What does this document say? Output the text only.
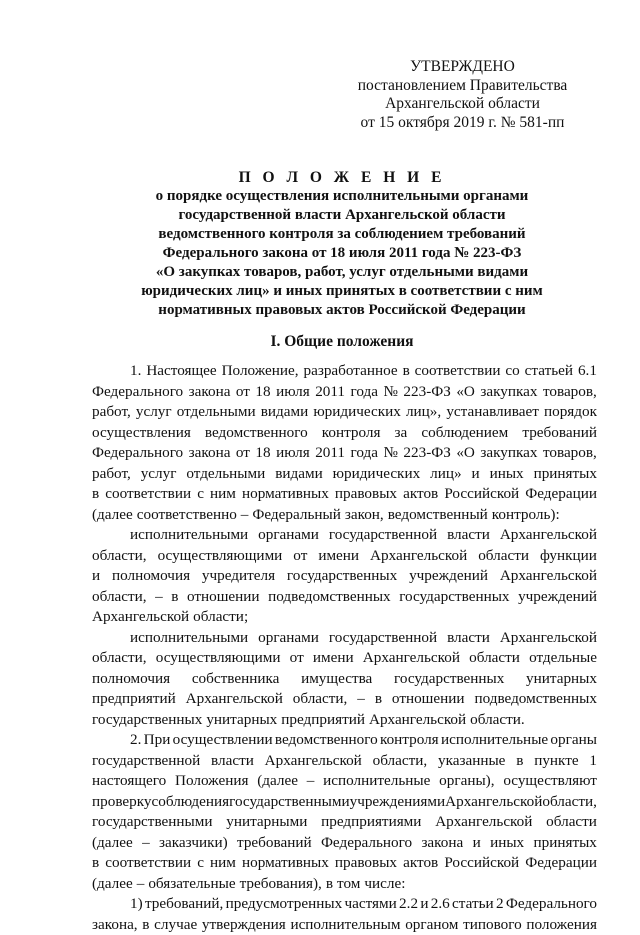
УТВЕРЖДЕНО
постановлением Правительства
Архангельской области
от 15 октября 2019 г. № 581-пп
П О Л О Ж Е Н И Е
о порядке осуществления исполнительными органами
государственной власти Архангельской области
ведомственного контроля за соблюдением требований
Федерального закона от 18 июля 2011 года № 223-ФЗ
«О закупках товаров, работ, услуг отдельными видами
юридических лиц» и иных принятых в соответствии с ним
нормативных правовых актов Российской Федерации
I. Общие положения
1. Настоящее Положение, разработанное в соответствии со статьей 6.1
Федерального закона от 18 июля 2011 года № 223-ФЗ «О закупках товаров,
работ, услуг отдельными видами юридических лиц», устанавливает порядок
осуществления ведомственного контроля за соблюдением требований
Федерального закона от 18 июля 2011 года № 223-ФЗ «О закупках товаров,
работ, услуг отдельными видами юридических лиц» и иных принятых
в соответствии с ним нормативных правовых актов Российской Федерации
(далее соответственно – Федеральный закон, ведомственный контроль):
исполнительными органами государственной власти Архангельской
области, осуществляющими от имени Архангельской области функции
и полномочия учредителя государственных учреждений Архангельской
области, – в отношении подведомственных государственных учреждений
Архангельской области;
исполнительными органами государственной власти Архангельской
области, осуществляющими от имени Архангельской области отдельные
полномочия собственника имущества государственных унитарных
предприятий Архангельской области, – в отношении подведомственных
государственных унитарных предприятий Архангельской области.
2. При осуществлении ведомственного контроля исполнительные органы
государственной власти Архангельской области, указанные в пункте 1
настоящего Положения (далее – исполнительные органы), осуществляют
проверку соблюдения государственными учреждениями Архангельской области,
государственными унитарными предприятиями Архангельской области
(далее – заказчики) требований Федерального закона и иных принятых
в соответствии с ним нормативных правовых актов Российской Федерации
(далее – обязательные требования), в том числе:
1) требований, предусмотренных частями 2.2 и 2.6 статьи 2 Федерального
закона, в случае утверждения исполнительным органом типового положения
